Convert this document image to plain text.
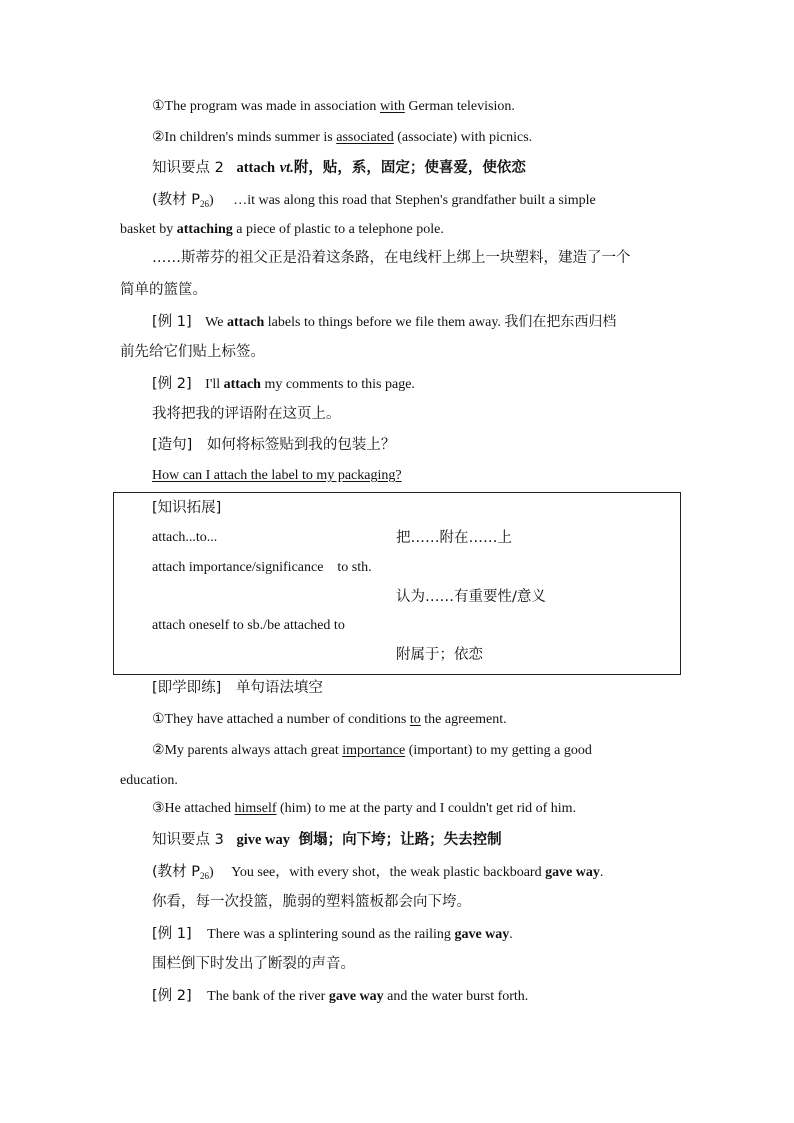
①The program was made in association with German television.
②In children's minds summer is associated (associate) with picnics.
知识要点 2 attach vt.附，贴，系，固定；使喜爱，使依恋
(教材 $P_{26}$) …it was along this road that Stephen's grandfather built a simple
basket by attaching a piece of plastic to a telephone pole.
……斯蒂芬的祖父正是沿着这条路，在电线杆上绑上一块塑料，建造了一个
简单的篮筐。
[例 1] We attach labels to things before we file them away. 我们在把东西归档
前先给它们贴上标签。
[例 2] I'll attach my comments to this page.
我将把我的评语附在这页上。
[造句] 如何将标签贴到我的包装上？
How can I attach the label to my packaging?
[知识拓展]
attach...to...	把……附在……上
attach importance/significance    to sth.
认为……有重要性/意义
attach oneself to sb./be attached to
附属于；依恋
[即学即练] 单句语法填空
①They have attached a number of conditions to the agreement.
②My parents always attach great importance (important) to my getting a good
education.
③He attached himself (him) to me at the party and I couldn't get rid of him.
知识要点 3 give way 倒塌；向下垮；让路；失去控制
(教材 $P_{26}$) You see，with every shot，the weak plastic backboard gave way.
你看，每一次投篮，脆弱的塑料篮板都会向下垮。
[例 1] There was a splintering sound as the railing gave way.
围栏倒下时发出了断裂的声音。
[例 2] The bank of the river gave way and the water burst forth.
